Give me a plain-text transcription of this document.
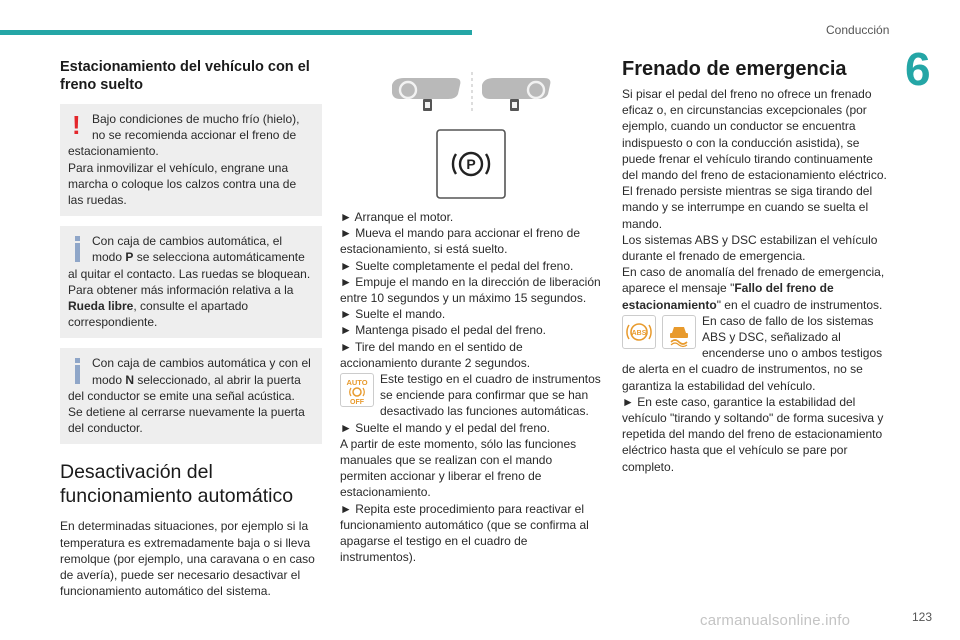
Conducción
6
Estacionamiento del vehículo con el freno suelto
! Bajo condiciones de mucho frío (hielo), no se recomienda accionar el freno de estacionamiento.

Para inmovilizar el vehículo, engrane una marcha o coloque los calzos contra una de las ruedas.

Con caja de cambios automática, el modo P se selecciona automáticamente al quitar el contacto. Las ruedas se bloquean.

Para obtener más información relativa a la Rueda libre, consulte el apartado correspondiente.

Con caja de cambios automática y con el modo N seleccionado, al abrir la puerta del conductor se emite una señal acústica. Se detiene al cerrarse nuevamente la puerta del conductor.

Desactivación del funcionamiento automático

En determinadas situaciones, por ejemplo si la temperatura es extremadamente baja o si lleva remolque (por ejemplo, una caravana o en caso de avería), puede ser necesario desactivar el funcionamiento automático del sistema.

P

► Arranque el motor.

► Mueva el mando para accionar el freno de estacionamiento, si está suelto.

► Suelte completamente el pedal del freno.

► Empuje el mando en la dirección de liberación entre 10 segundos y un máximo 15 segundos.

► Suelte el mando.

► Mantenga pisado el pedal del freno.

► Tire del mando en el sentido de accionamiento durante 2 segundos.

AUTO
OFF

Este testigo en el cuadro de instrumentos se enciende para confirmar que se han desactivado las funciones automáticas.

► Suelte el mando y el pedal del freno.

A partir de este momento, sólo las funciones manuales que se realizan con el mando permiten accionar y liberar el freno de estacionamiento.

► Repita este procedimiento para reactivar el funcionamiento automático (que se confirma al apagarse el testigo en el cuadro de instrumentos).

Frenado de emergencia

Si pisar el pedal del freno no ofrece un frenado eficaz o, en circunstancias excepcionales (por ejemplo, cuando un conductor se encuentra indispuesto o con la conducción asistida), se puede frenar el vehículo tirando continuamente del mando del freno de estacionamiento eléctrico. El frenado persiste mientras se siga tirando del mando y se interrumpe en cuando se suelta el mando.

Los sistemas ABS y DSC estabilizan el vehículo durante el frenado de emergencia.

En caso de anomalía del frenado de emergencia, aparece el mensaje "Fallo del freno de estacionamiento" en el cuadro de instrumentos.

ABS

En caso de fallo de los sistemas ABS y DSC, señalizado al encenderse uno o ambos testigos de alerta en el cuadro de instrumentos, no se garantiza la estabilidad del vehículo.

► En este caso, garantice la estabilidad del vehículo "tirando y soltando" de forma sucesiva y repetida del mando del freno de estacionamiento eléctrico hasta que el vehículo se pare por completo.

carmanualsonline.info	123
